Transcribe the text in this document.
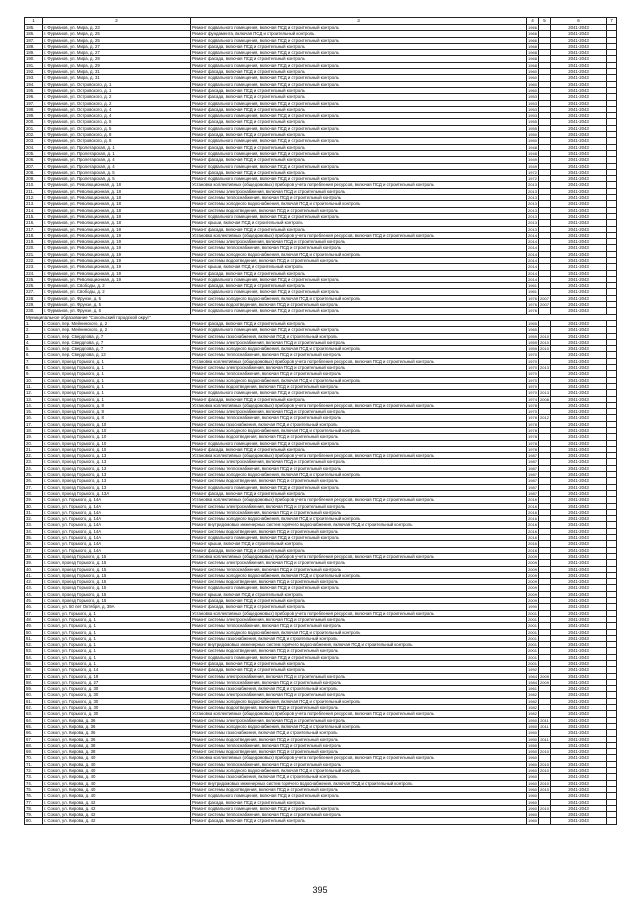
1	2	3	4	5	6	7
185.	г. Фурманов, ул. Мира, д. 23	Ремонт подвального помещения, включая ПСД и строительный контроль	1966		2041-2043	
186.	г. Фурманов, ул. Мира, д. 25	Ремонт фундамента, включая ПСД и строительный контроль	1966		2041-2043	
187.	г. Фурманов, ул. Мира, д. 25	Ремонт подвального помещения, включая ПСД и строительный контроль	1966		2041-2043	
188.	г. Фурманов, ул. Мира, д. 27	Ремонт фасада, включая ПСД и строительный контроль	1968		2041-2043	
189.	г. Фурманов, ул. Мира, д. 27	Ремонт подвального помещения, включая ПСД и строительный контроль	1968		2041-2043	
190.	г. Фурманов, ул. Мира, д. 29	Ремонт фасада, включая ПСД и строительный контроль	1968		2041-2043	
191.	г. Фурманов, ул. Мира, д. 29	Ремонт подвального помещения, включая ПСД и строительный контроль	1968		2041-2043	
192.	г. Фурманов, ул. Мира, д. 31	Ремонт фасада, включая ПСД и строительный контроль	1960		2041-2043	
193.	г. Фурманов, ул. Мира, д. 31	Ремонт подвального помещения, включая ПСД и строительный контроль	1960		2041-2043	
194.	г. Фурманов, ул. Островского, д. 1	Ремонт подвального помещения, включая ПСД и строительный контроль	1960		2041-2043	
195.	г. Фурманов, ул. Островского, д. 1	Ремонт фасада, включая ПСД и строительный контроль	1960		2041-2043	
196.	г. Фурманов, ул. Островского, д. 2	Ремонт фасада, включая ПСД и строительный контроль	1953		2041-2043	
197.	г. Фурманов, ул. Островского, д. 2	Ремонт подвального помещения, включая ПСД и строительный контроль	1953		2041-2043	
198.	г. Фурманов, ул. Островского, д. 4	Ремонт фасада, включая ПСД и строительный контроль	1953		2041-2043	
199.	г. Фурманов, ул. Островского, д. 4	Ремонт подвального помещения, включая ПСД и строительный контроль	1953		2041-2043	
200.	г. Фурманов, ул. Островского, д. 5	Ремонт фасада, включая ПСД и строительный контроль	1955		2041-2043	
201.	г. Фурманов, ул. Островского, д. 5	Ремонт подвального помещения, включая ПСД и строительный контроль	1955		2041-2043	
202.	г. Фурманов, ул. Островского, д. 8	Ремонт фасада, включая ПСД и строительный контроль	1950		2041-2043	
203.	г. Фурманов, ул. Островского, д. 8	Ремонт подвального помещения, включая ПСД и строительный контроль	1950		2041-2043	
204.	г. Фурманов, ул. Пролетарская, д. 1	Ремонт фасада, включая ПСД и строительный контроль	1948		2041-2043	
205.	г. Фурманов, ул. Пролетарская, д. 1	Ремонт подвального помещения, включая ПСД и строительный контроль	1948		2041-2043	
206.	г. Фурманов, ул. Пролетарская, д. 4	Ремонт фасада, включая ПСД и строительный контроль	1949		2041-2043	
207.	г. Фурманов, ул. Пролетарская, д. 4	Ремонт подвального помещения, включая ПСД и строительный контроль	1949		2041-2043	
208.	г. Фурманов, ул. Пролетарская, д. 5	Ремонт фасада, включая ПСД и строительный контроль	1972		2041-2043	
209.	г. Фурманов, ул. Пролетарская, д. 5	Ремонт подвального помещения, включая ПСД и строительный контроль	1972		2041-2043	
210.	г. Фурманов, ул. Революционная, д. 18	Установка коллективных (общедомовых) приборов учета потребления ресурсов, включая ПСД и строительный контроль	2013		2041-2043	
211.	г. Фурманов, ул. Революционная, д. 18	Ремонт системы электроснабжения, включая ПСД и строительный контроль	2013		2041-2043	
212.	г. Фурманов, ул. Революционная, д. 18	Ремонт системы теплоснабжения, включая ПСД и строительный контроль	2013		2041-2043	
213.	г. Фурманов, ул. Революционная, д. 18	Ремонт системы холодного водоснабжения, включая ПСД и строительный контроль	2013		2041-2043	
214.	г. Фурманов, ул. Революционная, д. 18	Ремонт системы водоотведения, включая ПСД и строительный контроль	2013		2041-2043	
215.	г. Фурманов, ул. Революционная, д. 18	Ремонт подвального помещения, включая ПСД и строительный контроль	2013		2041-2043	
216.	г. Фурманов, ул. Революционная, д. 18	Ремонт крыши, включая ПСД и строительный контроль	2013		2041-2043	
217.	г. Фурманов, ул. Революционная, д. 18	Ремонт фасада, включая ПСД и строительный контроль	2013		2041-2043	
218.	г. Фурманов, ул. Революционная, д. 19	Установка коллективных (общедомовых) приборов учета потребления ресурсов, включая ПСД и строительный контроль	2014		2041-2043	
219.	г. Фурманов, ул. Революционная, д. 19	Ремонт системы электроснабжения, включая ПСД и строительный контроль	2014		2041-2043	
220.	г. Фурманов, ул. Революционная, д. 19	Ремонт системы теплоснабжения, включая ПСД и строительный контроль	2014		2041-2043	
221.	г. Фурманов, ул. Революционная, д. 19	Ремонт системы холодного водоснабжения, включая ПСД и строительный контроль	2014		2041-2043	
222.	г. Фурманов, ул. Революционная, д. 19	Ремонт системы водоотведения, включая ПСД и строительный контроль	2014		2041-2043	
223.	г. Фурманов, ул. Революционная, д. 19	Ремонт крыши, включая ПСД и строительный контроль	2014		2041-2043	
224.	г. Фурманов, ул. Революционная, д. 19	Ремонт фасада, включая ПСД и строительный контроль	2014		2041-2043	
225.	г. Фурманов, ул. Революционная, д. 19	Ремонт подвального помещения, включая ПСД и строительный контроль	2014		2041-2043	
226.	г. Фурманов, ул. Свободы, д. 2	Ремонт фасада, включая ПСД и строительный контроль	1961		2041-2043	
227.	г. Фурманов, ул. Свободы, д. 2	Ремонт подвального помещения, включая ПСД и строительный контроль	1961		2041-2043	
228.	г. Фурманов, ул. Фрунзе, д. 5	Ремонт системы холодного водоснабжения, включая ПСД и строительный контроль	1976	2007	2041-2043	
229.	г. Фурманов, ул. Фрунзе, д. 5	Ремонт системы водоотведения, включая ПСД и строительный контроль	1976	2007	2041-2043	
230.	г. Фурманов, ул. Фрунзе, д. 5	Ремонт подвального помещения, включая ПСД и строительный контроль	1976		2041-2043	
Муниципальное образование "Сокольский городской округ"						
1.	г. Сокол, пер. Мейнинского, д. 2	Ремонт фасада, включая ПСД и строительный контроль	1965		2041-2043	
2.	г. Сокол, пер. Мейнинского, д. 2	Ремонт подвального помещения, включая ПСД и строительный контроль	1965		2041-2043	
3.	г. Сокол, пер. Свердлова, д. 7	Ремонт системы газоснабжения, включая ПСД и строительный контроль	1959	2010	2041-2043	
4.	г. Сокол, пер. Свердлова, д. 7	Ремонт системы электроснабжения, включая ПСД и строительный контроль	1959	2010	2041-2043	
5.	г. Сокол, пер. Свердлова, д. 7	Ремонт системы холодного водоснабжения, включая ПСД и строительный контроль	1959	2010	2041-2043	
6.	г. Сокол, пер. Свердлова, д. 13	Ремонт системы теплоснабжения, включая ПСД и строительный контроль	1970		2041-2043	
7.	г. Сокол, проезд Горького, д. 1	Установка коллективных (общедомовых) приборов учета потребления ресурсов, включая ПСД и строительный контроль	1970		2041-2043	
8.	г. Сокол, проезд Горького, д. 1	Ремонт системы электроснабжения, включая ПСД и строительный контроль	1970	2013	2041-2043	
9.	г. Сокол, проезд Горького, д. 1	Ремонт системы теплоснабжения, включая ПСД и строительный контроль	1970		2041-2043	
10.	г. Сокол, проезд Горького, д. 1	Ремонт системы холодного водоснабжения, включая ПСД и строительный контроль	1970		2041-2043	
11.	г. Сокол, проезд Горького, д. 1	Ремонт системы водоотведения, включая ПСД и строительный контроль	1970		2041-2043	
12.	г. Сокол, проезд Горького, д. 1	Ремонт подвального помещения, включая ПСД и строительный контроль	1970	2013	2041-2043	
13.	г. Сокол, проезд Горького, д. 1	Ремонт фасада, включая ПСД и строительный контроль	1974	2008	2041-2043	
14.	г. Сокол, проезд Горького, д. 8	Установка коллективных (общедомовых) приборов учета потребления ресурсов, включая ПСД и строительный контроль	1978		2041-2043	
15.	г. Сокол, проезд Горького, д. 8	Ремонт системы электроснабжения, включая ПСД и строительный контроль	1970		2041-2043	
16.	г. Сокол, проезд Горького, д. 8	Ремонт системы теплоснабжения, включая ПСД и строительный контроль	1978	2012	2041-2043	
17.	г. Сокол, проезд Горького, д. 10	Ремонт системы газоснабжения, включая ПСД и строительный контроль	1978		2041-2043	
18.	г. Сокол, проезд Горького, д. 10	Ремонт системы холодного водоснабжения, включая ПСД и строительный контроль	1978		2041-2043	
19.	г. Сокол, проезд Горького, д. 10	Ремонт системы водоотведения, включая ПСД и строительный контроль	1978		2041-2043	
20.	г. Сокол, проезд Горького, д. 10	Ремонт подвального помещения, включая ПСД и строительный контроль	1978		2041-2043	
21.	г. Сокол, проезд Горького, д. 10	Ремонт фасада, включая ПСД и строительный контроль	1978		2041-2043	
22.	г. Сокол, проезд Горького, д. 13	Установка коллективных (общедомовых) приборов учета потребления ресурсов, включая ПСД и строительный контроль	1987		2041-2043	
23.	г. Сокол, проезд Горького, д. 13	Ремонт системы электроснабжения, включая ПСД и строительный контроль	1987		2041-2043	
24.	г. Сокол, проезд Горького, д. 13	Ремонт системы теплоснабжения, включая ПСД и строительный контроль	1987		2041-2043	
25.	г. Сокол, проезд Горького, д. 13	Ремонт системы холодного водоснабжения, включая ПСД и строительный контроль	1987		2041-2043	
26.	г. Сокол, проезд Горького, д. 13	Ремонт системы водоотведения, включая ПСД и строительный контроль	1987		2041-2043	
27.	г. Сокол, проезд Горького, д. 13	Ремонт подвального помещения, включая ПСД и строительный контроль	1987		2041-2043	
28.	г. Сокол, проезд Горького, д. 13А	Ремонт фасада, включая ПСД и строительный контроль	1987		2041-2043	
29.	г. Сокол, ул. Горького, д. 14А	Установка коллективных (общедомовых) приборов учета потребления ресурсов, включая ПСД и строительный контроль	2016		2041-2043	
30.	г. Сокол, ул. Горького, д. 14А	Ремонт системы электроснабжения, включая ПСД и строительный контроль	2016		2041-2043	
31.	г. Сокол, ул. Горького, д. 14А	Ремонт системы теплоснабжения, включая ПСД и строительный контроль	2016		2041-2043	
32.	г. Сокол, ул. Горького, д. 14А	Ремонт системы холодного водоснабжения, включая ПСД и строительный контроль	2016		2041-2043	
33.	г. Сокол, ул. Горького, д. 14А	Ремонт внутридомовых инженерных систем горячего водоснабжения, включая ПСД и строительный контроль	2016		2041-2043	
34.	г. Сокол, ул. Горького, д. 14А	Ремонт системы водоотведения, включая ПСД и строительный контроль	2016		2041-2043	
35.	г. Сокол, ул. Горького, д. 14А	Ремонт подвального помещения, включая ПСД и строительный контроль	2016		2041-2043	
36.	г. Сокол, ул. Горького, д. 14А	Ремонт крыши, включая ПСД и строительный контроль	2016		2041-2043	
37.	г. Сокол, ул. Горького, д. 14А	Ремонт фасада, включая ПСД и строительный контроль	2016		2041-2043	
38.	г. Сокол, проезд Горького, д. 15	Установка коллективных (общедомовых) приборов учета потребления ресурсов, включая ПСД и строительный контроль	2009		2041-2043	
39.	г. Сокол, проезд Горького, д. 15	Ремонт системы электроснабжения, включая ПСД и строительный контроль	2009		2041-2043	
40.	г. Сокол, проезд Горького, д. 15	Ремонт системы теплоснабжения, включая ПСД и строительный контроль	2009		2041-2043	
41.	г. Сокол, проезд Горького, д. 15	Ремонт системы холодного водоснабжения, включая ПСД и строительный контроль	2009		2041-2043	
42.	г. Сокол, проезд Горького, д. 15	Ремонт системы водоотведения, включая ПСД и строительный контроль	2009		2041-2043	
43.	г. Сокол, проезд Горького, д. 15	Ремонт подвального помещения, включая ПСД и строительный контроль	2009		2041-2043	
44.	г. Сокол, проезд Горького, д. 15	Ремонт крыши, включая ПСД и строительный контроль	2009		2041-2043	
45.	г. Сокол, проезд Горького, д. 15	Ремонт фасада, включая ПСД и строительный контроль	2009		2041-2043	
46.	г. Сокол, ул. 50 лет Октября, д. 39А	Ремонт фасада, включая ПСД и строительный контроль	1990		2041-2043	
47.	г. Сокол, ул. Горького, д. 1	Установка коллективных (общедомовых) приборов учета потребления ресурсов, включая ПСД и строительный контроль	2001		2041-2043	
48.	г. Сокол, ул. Горького, д. 1	Ремонт системы электроснабжения, включая ПСД и строительный контроль	2001		2041-2043	
49.	г. Сокол, ул. Горького, д. 1	Ремонт системы теплоснабжения, включая ПСД и строительный контроль	2001		2041-2043	
50.	г. Сокол, ул. Горького, д. 1	Ремонт системы холодного водоснабжения, включая ПСД и строительный контроль	2001		2041-2043	
51.	г. Сокол, ул. Горького, д. 1	Ремонт системы газоснабжения, включая ПСД и строительный контроль	2001		2041-2043	
52.	г. Сокол, ул. Горького, д. 1	Ремонт внутридомовых инженерных систем горячего водоснабжения, включая ПСД и строительный контроль	2001		2041-2043	
53.	г. Сокол, ул. Горького, д. 1	Ремонт системы водоотведения, включая ПСД и строительный контроль	2001		2041-2043	
54.	г. Сокол, ул. Горького, д. 1	Ремонт подвального помещения, включая ПСД и строительный контроль	2001		2041-2043	
55.	г. Сокол, ул. Горького, д. 1	Ремонт фасада, включая ПСД и строительный контроль	2001		2041-2043	
56.	г. Сокол, ул. Горького, д. 14	Ремонт фасада, включая ПСД и строительный контроль	1992		2041-2043	
57.	г. Сокол, ул. Горького, д. 19	Ремонт системы электроснабжения, включая ПСД и строительный контроль	1964	2009	2041-2043	
58.	г. Сокол, ул. Горького, д. 27	Ремонт системы теплоснабжения, включая ПСД и строительный контроль	1984	2009	2041-2043	
59.	г. Сокол, ул. Горького, д. 30	Ремонт системы газоснабжения, включая ПСД и строительный контроль	1961		2041-2043	
60.	г. Сокол, ул. Горького, д. 30	Ремонт системы электроснабжения, включая ПСД и строительный контроль	1982		2041-2043	
61.	г. Сокол, ул. Горького, д. 30	Ремонт системы холодного водоснабжения, включая ПСД и строительный контроль	1982		2041-2043	
62.	г. Сокол, ул. Горького, д. 30	Ремонт системы водоотведения, включая ПСД и строительный контроль	1982		2041-2043	
63.	г. Сокол, ул. Горького, д. 30	Установка коллективных (общедомовых) приборов учета потребления ресурсов, включая ПСД и строительный контроль	1982		2041-2043	
64.	г. Сокол, ул. Кирова, д. 36	Ремонт системы электроснабжения, включая ПСД и строительный контроль	1950	2011	2041-2043	
65.	г. Сокол, ул. Кирова, д. 36	Ремонт системы холодного водоснабжения, включая ПСД и строительный контроль	1950	2011	2041-2043	
66.	г. Сокол, ул. Кирова, д. 36	Ремонт системы газоснабжения, включая ПСД и строительный контроль	1950		2041-2043	
67.	г. Сокол, ул. Кирова, д. 36	Ремонт системы водоотведения, включая ПСД и строительный контроль	1950	2011	2041-2043	
68.	г. Сокол, ул. Кирова, д. 38	Ремонт системы теплоснабжения, включая ПСД и строительный контроль	1950		2041-2043	
69.	г. Сокол, ул. Кирова, д. 38	Ремонт системы водоотведения, включая ПСД и строительный контроль	1950	2010	2041-2043	
70.	г. Сокол, ул. Кирова, д. 40	Установка коллективных (общедомовых) приборов учета потребления ресурсов, включая ПСД и строительный контроль	1960		2041-2043	
71.	г. Сокол, ул. Кирова, д. 40	Ремонт системы теплоснабжения, включая ПСД и строительный контроль	1960	2010	2041-2043	
72.	г. Сокол, ул. Кирова, д. 40	Ремонт системы холодного водоснабжения, включая ПСД и строительный контроль	1960	2010	2041-2043	
73.	г. Сокол, ул. Кирова, д. 40	Ремонт системы газоснабжения, включая ПСД и строительный контроль	1960		2041-2043	
74.	г. Сокол, ул. Кирова, д. 40	Ремонт внутридомовых инженерных систем горячего водоснабжения, включая ПСД и строительный контроль	1960	2010	2041-2043	
75.	г. Сокол, ул. Кирова, д. 40	Ремонт системы водоотведения, включая ПСД и строительный контроль	1960	2010	2041-2043	
76.	г. Сокол, ул. Кирова, д. 40	Ремонт подвального помещения, включая ПСД и строительный контроль	1960		2041-2043	
77.	г. Сокол, ул. Кирова, д. 42	Ремонт фасада, включая ПСД и строительный контроль	1960		2041-2043	
78.	г. Сокол, ул. Кирова, д. 42	Ремонт подвального помещения, включая ПСД и строительный контроль	1960	2010	2041-2043	
79.	г. Сокол, ул. Кирова, д. 42	Ремонт системы теплоснабжения, включая ПСД и строительный контроль	1960		2041-2043	
80.	г. Сокол, ул. Кирова, д. 42	Ремонт фасада, включая ПСД и строительный контроль	1960		2041-2043	
395
